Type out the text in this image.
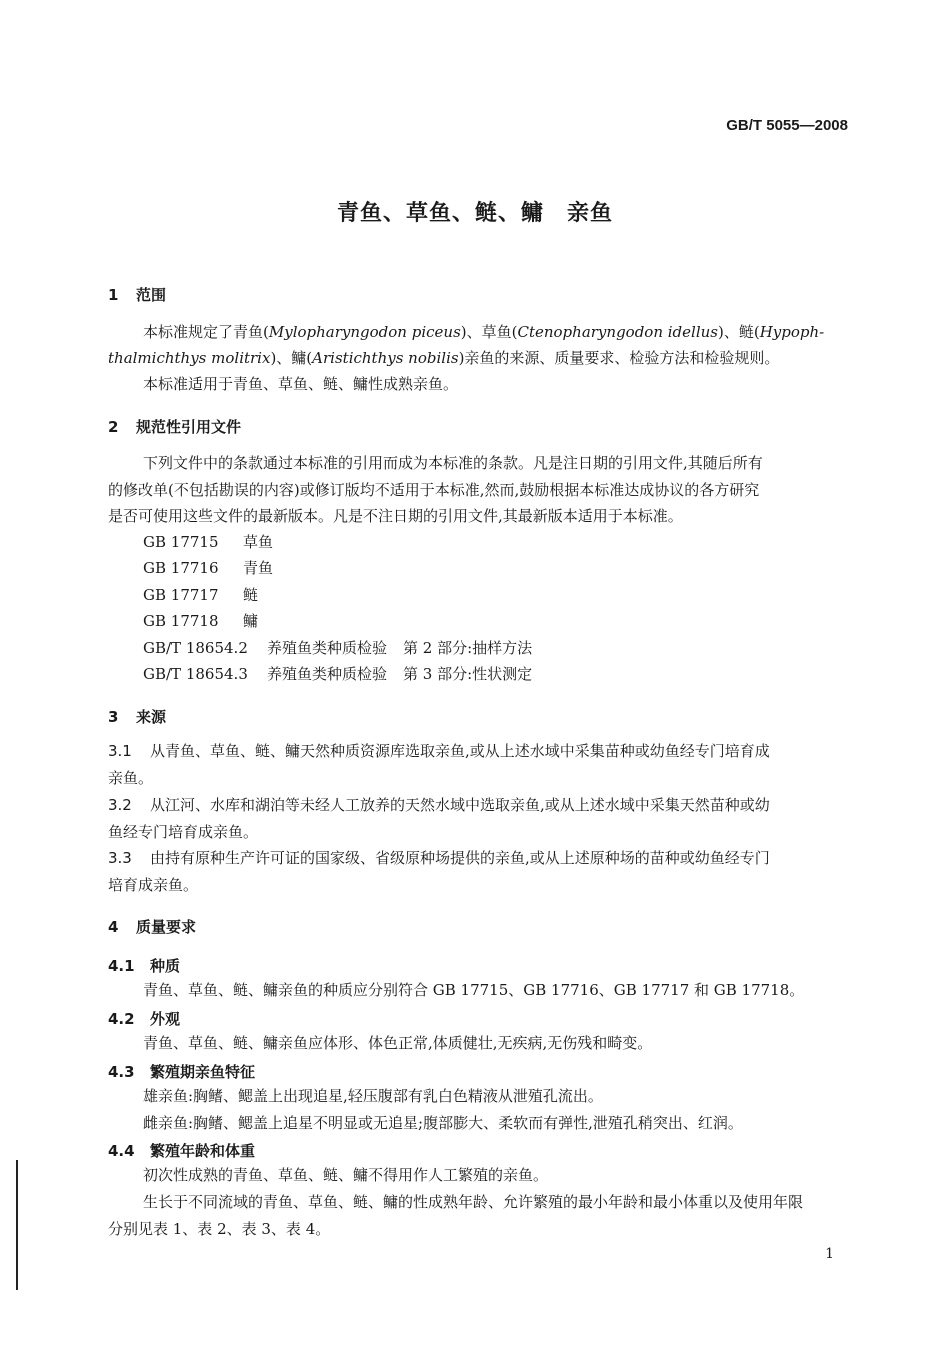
GB/T 5055—2008
青鱼、草鱼、鲢、鳙　亲鱼
1 范围
本标准规定了青鱼(Mylopharyngodon piceus)、草鱼(Ctenopharyngodon idellus)、鲢(Hypoph-
thalmichthys molitrix)、鳙(Aristichthys nobilis)亲鱼的来源、质量要求、检验方法和检验规则。
本标准适用于青鱼、草鱼、鲢、鳙性成熟亲鱼。
2 规范性引用文件
下列文件中的条款通过本标准的引用而成为本标准的条款。凡是注日期的引用文件,其随后所有
的修改单(不包括勘误的内容)或修订版均不适用于本标准,然而,鼓励根据本标准达成协议的各方研究
是否可使用这些文件的最新版本。凡是不注日期的引用文件,其最新版本适用于本标准。
GB 17715 草鱼
GB 17716 青鱼
GB 17717 鲢
GB 17718 鳙
GB/T 18654.2 养殖鱼类种质检验 第 2 部分:抽样方法
GB/T 18654.3 养殖鱼类种质检验 第 3 部分:性状测定
3 来源
3.1 从青鱼、草鱼、鲢、鳙天然种质资源库选取亲鱼,或从上述水域中采集苗种或幼鱼经专门培育成
亲鱼。
3.2 从江河、水库和湖泊等未经人工放养的天然水域中选取亲鱼,或从上述水域中采集天然苗种或幼
鱼经专门培育成亲鱼。
3.3 由持有原种生产许可证的国家级、省级原种场提供的亲鱼,或从上述原种场的苗种或幼鱼经专门
培育成亲鱼。
4 质量要求
4.1 种质
青鱼、草鱼、鲢、鳙亲鱼的种质应分别符合 GB 17715、GB 17716、GB 17717 和 GB 17718。
4.2 外观
青鱼、草鱼、鲢、鳙亲鱼应体形、体色正常,体质健壮,无疾病,无伤残和畸变。
4.3 繁殖期亲鱼特征
雄亲鱼:胸鳍、鳃盖上出现追星,轻压腹部有乳白色精液从泄殖孔流出。
雌亲鱼:胸鳍、鳃盖上追星不明显或无追星;腹部膨大、柔软而有弹性,泄殖孔稍突出、红润。
4.4 繁殖年龄和体重
初次性成熟的青鱼、草鱼、鲢、鳙不得用作人工繁殖的亲鱼。
生长于不同流域的青鱼、草鱼、鲢、鳙的性成熟年龄、允许繁殖的最小年龄和最小体重以及使用年限
分别见表 1、表 2、表 3、表 4。
1
